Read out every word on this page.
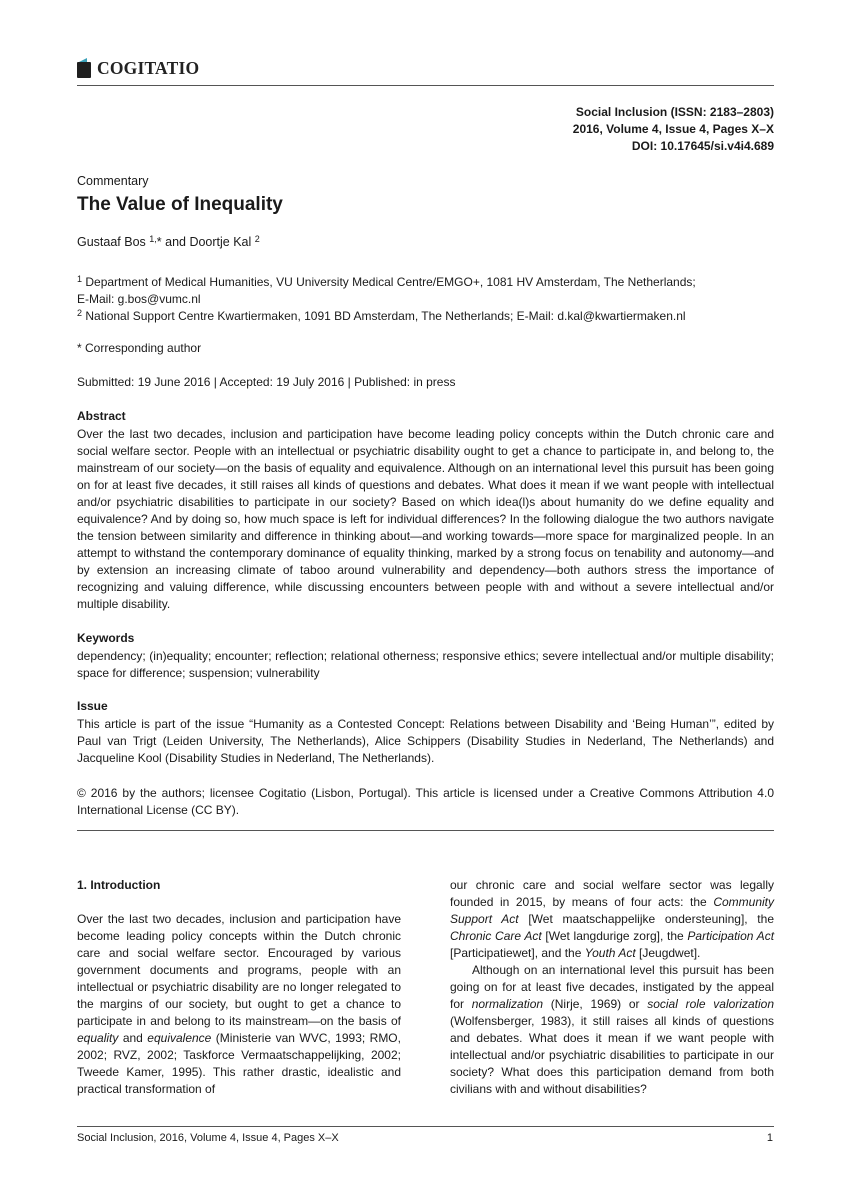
COGITATIO
Social Inclusion (ISSN: 2183–2803)
2016, Volume 4, Issue 4, Pages X–X
DOI: 10.17645/si.v4i4.689
Commentary
The Value of Inequality
Gustaaf Bos $^{1,}$* and Doortje Kal $^2$
$^1$ Department of Medical Humanities, VU University Medical Centre/EMGO+, 1081 HV Amsterdam, The Netherlands;
E-Mail: g.bos@vumc.nl
$^2$ National Support Centre Kwartiermaken, 1091 BD Amsterdam, The Netherlands; E-Mail: d.kal@kwartiermaken.nl
* Corresponding author
Submitted: 19 June 2016 | Accepted: 19 July 2016 | Published: in press
Abstract
Over the last two decades, inclusion and participation have become leading policy concepts within the Dutch chronic care and social welfare sector. People with an intellectual or psychiatric disability ought to get a chance to participate in, and belong to, the mainstream of our society—on the basis of equality and equivalence. Although on an international level this pursuit has been going on for at least five decades, it still raises all kinds of questions and debates. What does it mean if we want people with intellectual and/or psychiatric disabilities to participate in our society? Based on which idea(l)s about humanity do we define equality and equivalence? And by doing so, how much space is left for individual differences? In the following dialogue the two authors navigate the tension between similarity and difference in thinking about—and working towards—more space for marginalized people. In an attempt to withstand the contemporary dominance of equality thinking, marked by a strong focus on tenability and autonomy—and by extension an increasing climate of taboo around vulnerability and dependency—both authors stress the importance of recognizing and valuing difference, while discussing encounters between people with and without a severe intellectual and/or multiple disability.
Keywords
dependency; (in)equality; encounter; reflection; relational otherness; responsive ethics; severe intellectual and/or multiple disability; space for difference; suspension; vulnerability
Issue
This article is part of the issue “Humanity as a Contested Concept: Relations between Disability and ‘Being Human’”, edited by Paul van Trigt (Leiden University, The Netherlands), Alice Schippers (Disability Studies in Nederland, The Netherlands) and Jacqueline Kool (Disability Studies in Nederland, The Netherlands).
© 2016 by the authors; licensee Cogitatio (Lisbon, Portugal). This article is licensed under a Creative Commons Attribution 4.0 International License (CC BY).

1. Introduction

Over the last two decades, inclusion and participation have become leading policy concepts within the Dutch chronic care and social welfare sector. Encouraged by various government documents and programs, people with an intellectual or psychiatric disability are no longer relegated to the margins of our society, but ought to get a chance to participate in and belong to its mainstream—on the basis of equality and equivalence (Ministerie van WVC, 1993; RMO, 2002; RVZ, 2002; Taskforce Vermaatschappelijking, 2002; Tweede Kamer, 1995). This rather drastic, idealistic and practical transformation of

our chronic care and social welfare sector was legally founded in 2015, by means of four acts: the Community Support Act [Wet maatschappelijke ondersteuning], the Chronic Care Act [Wet langdurige zorg], the Participation Act [Participatiewet], and the Youth Act [Jeugdwet].

Although on an international level this pursuit has been going on for at least five decades, instigated by the appeal for normalization (Nirje, 1969) or social role valorization (Wolfensberger, 1983), it still raises all kinds of questions and debates. What does it mean if we want people with intellectual and/or psychiatric disabilities to participate in our society? What does this participation demand from both civilians with and without disabilities?

Social Inclusion, 2016, Volume 4, Issue 4, Pages X–X	1
